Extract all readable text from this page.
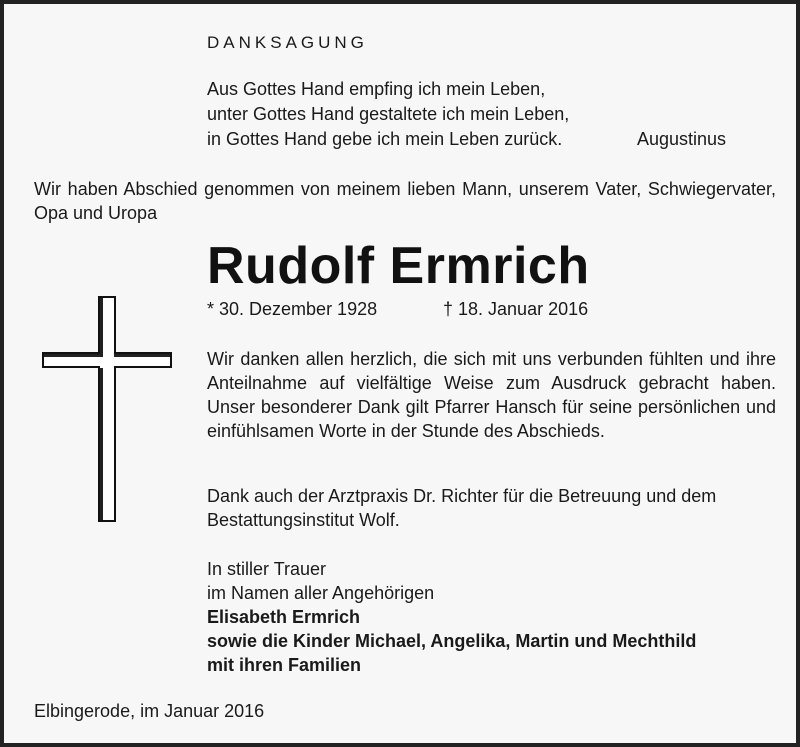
DANKSAGUNG
Aus Gottes Hand empfing ich mein Leben,
unter Gottes Hand gestaltete ich mein Leben,
in Gottes Hand gebe ich mein Leben zurück.	Augustinus
Wir haben Abschied genommen von meinem lieben Mann, unserem Vater, Schwiegervater, Opa und Uropa
Rudolf Ermrich
* 30. Dezember 1928	† 18. Januar 2016
Wir danken allen herzlich, die sich mit uns verbunden fühlten und ihre Anteilnahme auf vielfältige Weise zum Ausdruck gebracht haben. Unser besonderer Dank gilt Pfarrer Hansch für seine persönlichen und einfühlsamen Worte in der Stunde des Abschieds.
Dank auch der Arztpraxis Dr. Richter für die Betreuung und dem Bestattungsinstitut Wolf.
In stiller Trauer
im Namen aller Angehörigen
Elisabeth Ermrich
sowie die Kinder Michael, Angelika, Martin und Mechthild
mit ihren Familien
Elbingerode, im Januar 2016
